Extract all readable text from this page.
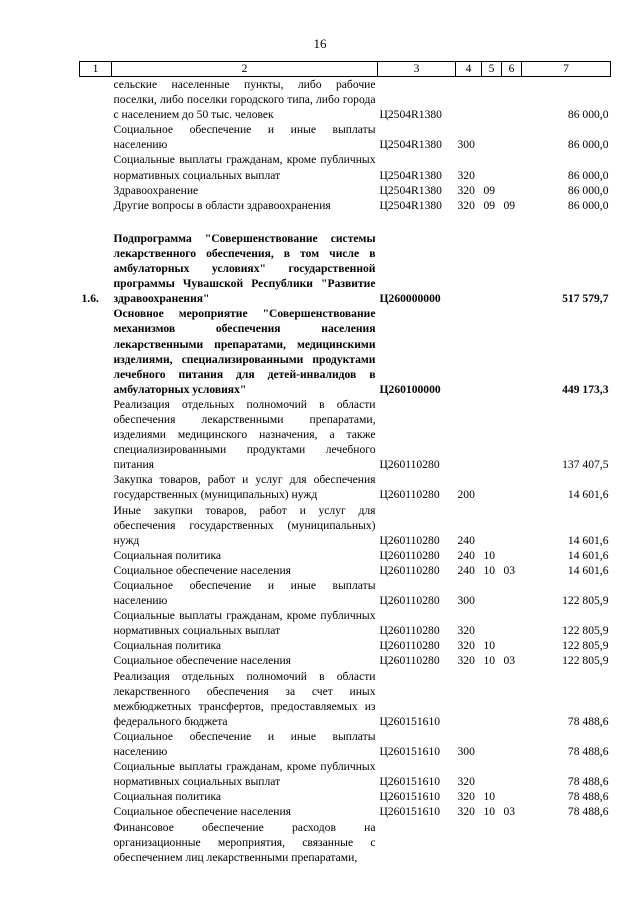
16
1	2	3	4	5	6	7
	сельские населенные пункты, либо рабочие поселки, либо поселки городского типа, либо города с населением до 50 тыс. человек	Ц2504R1380				86 000,0
	Социальное обеспечение и иные выплаты населению	Ц2504R1380	300			86 000,0
	Социальные выплаты гражданам, кроме публичных нормативных социальных выплат	Ц2504R1380	320			86 000,0
	Здравоохранение	Ц2504R1380	320	09		86 000,0
	Другие вопросы в области здравоохранения	Ц2504R1380	320	09	09	86 000,0

1.6.	Подпрограмма "Совершенствование системы лекарственного обеспечения, в том числе в амбулаторных условиях" государственной программы Чувашской Республики "Развитие здравоохранения"	Ц260000000				517 579,7
	Основное мероприятие "Совершенствование механизмов обеспечения населения лекарственными препаратами, медицинскими изделиями, специализированными продуктами лечебного питания для детей-инвалидов в амбулаторных условиях"	Ц260100000				449 173,3
	Реализация отдельных полномочий в области обеспечения лекарственными препаратами, изделиями медицинского назначения, а также специализированными продуктами лечебного питания	Ц260110280				137 407,5
	Закупка товаров, работ и услуг для обеспечения государственных (муниципальных) нужд	Ц260110280	200			14 601,6
	Иные закупки товаров, работ и услуг для обеспечения государственных (муниципальных) нужд	Ц260110280	240			14 601,6
	Социальная политика	Ц260110280	240	10		14 601,6
	Социальное обеспечение населения	Ц260110280	240	10	03	14 601,6
	Социальное обеспечение и иные выплаты населению	Ц260110280	300			122 805,9
	Социальные выплаты гражданам, кроме публичных нормативных социальных выплат	Ц260110280	320			122 805,9
	Социальная политика	Ц260110280	320	10		122 805,9
	Социальное обеспечение населения	Ц260110280	320	10	03	122 805,9
	Реализация отдельных полномочий в области лекарственного обеспечения за счет иных межбюджетных трансфертов, предоставляемых из федерального бюджета	Ц260151610				78 488,6
	Социальное обеспечение и иные выплаты населению	Ц260151610	300			78 488,6
	Социальные выплаты гражданам, кроме публичных нормативных социальных выплат	Ц260151610	320			78 488,6
	Социальная политика	Ц260151610	320	10		78 488,6
	Социальное обеспечение населения	Ц260151610	320	10	03	78 488,6
	Финансовое обеспечение расходов на организационные мероприятия, связанные с обеспечением лиц лекарственными препаратами,					
